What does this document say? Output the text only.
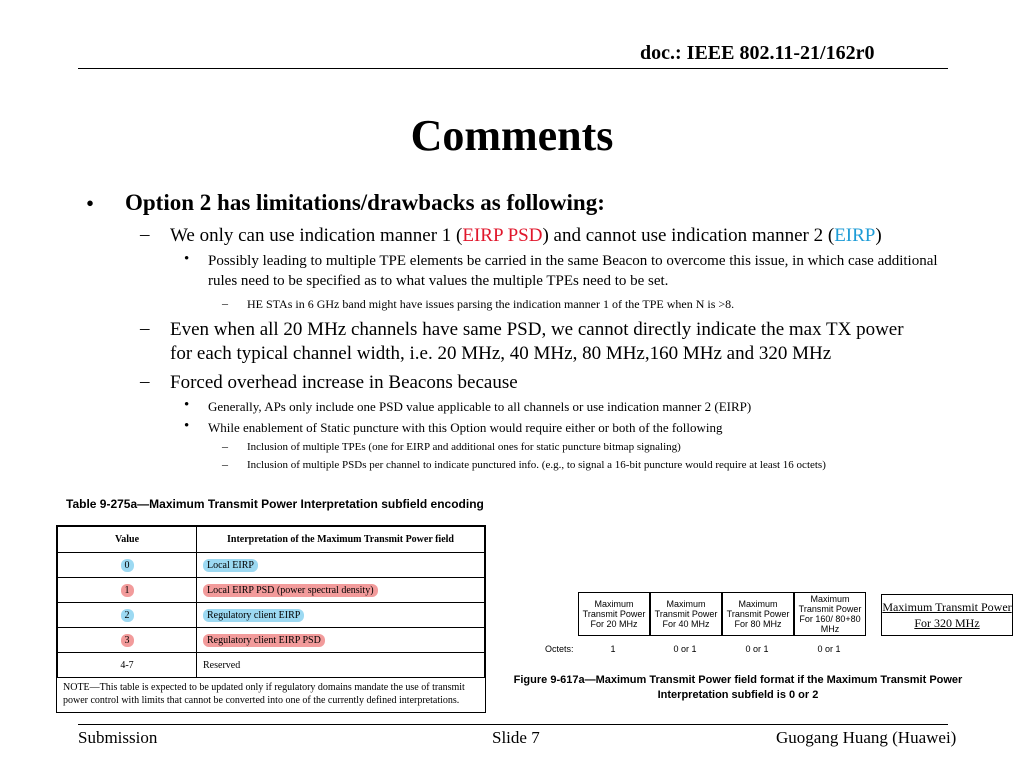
doc.: IEEE 802.11-21/162r0
Comments
• Option 2 has limitations/drawbacks as following:
– We only can use indication manner 1 (EIRP PSD) and cannot use indication manner 2 (EIRP)
• Possibly leading to multiple TPE elements be carried in the same Beacon to overcome this issue, in which case additional rules need to be specified as to what values the multiple TPEs need to be set.
– HE STAs in 6 GHz band might have issues parsing the indication manner 1 of the TPE when N is >8.
– Even when all 20 MHz channels have same PSD, we cannot directly indicate the max TX power for each typical channel width, i.e. 20 MHz, 40 MHz, 80 MHz,160 MHz and 320 MHz
– Forced overhead increase in Beacons because
• Generally, APs only include one PSD value applicable to all channels or use indication manner 2 (EIRP)
• While enablement of Static puncture with this Option would require either or both of the following
– Inclusion of multiple TPEs (one for EIRP and additional ones for static puncture bitmap signaling)
– Inclusion of multiple PSDs per channel to indicate punctured info. (e.g., to signal a 16-bit puncture would require at least 16 octets)
Table 9-275a—Maximum Transmit Power Interpretation subfield encoding
Value	Interpretation of the Maximum Transmit Power field
0	Local EIRP
1	Local EIRP PSD (power spectral density)
2	Regulatory client EIRP
3	Regulatory client EIRP PSD
4-7	Reserved
NOTE—This table is expected to be updated only if regulatory domains mandate the use of transmit power control with limits that cannot be converted into one of the currently defined interpretations.
Maximum Transmit Power For 20 MHz
Maximum Transmit Power For 40 MHz
Maximum Transmit Power For 80 MHz
Maximum Transmit Power For 160/ 80+80 MHz
Octets:	1	0 or 1	0 or 1	0 or 1
Figure 9-617a—Maximum Transmit Power field format if the Maximum Transmit Power
Interpretation subfield is 0 or 2
Maximum Transmit Power For 320 MHz
Submission	Slide 7	Guogang Huang (Huawei)
